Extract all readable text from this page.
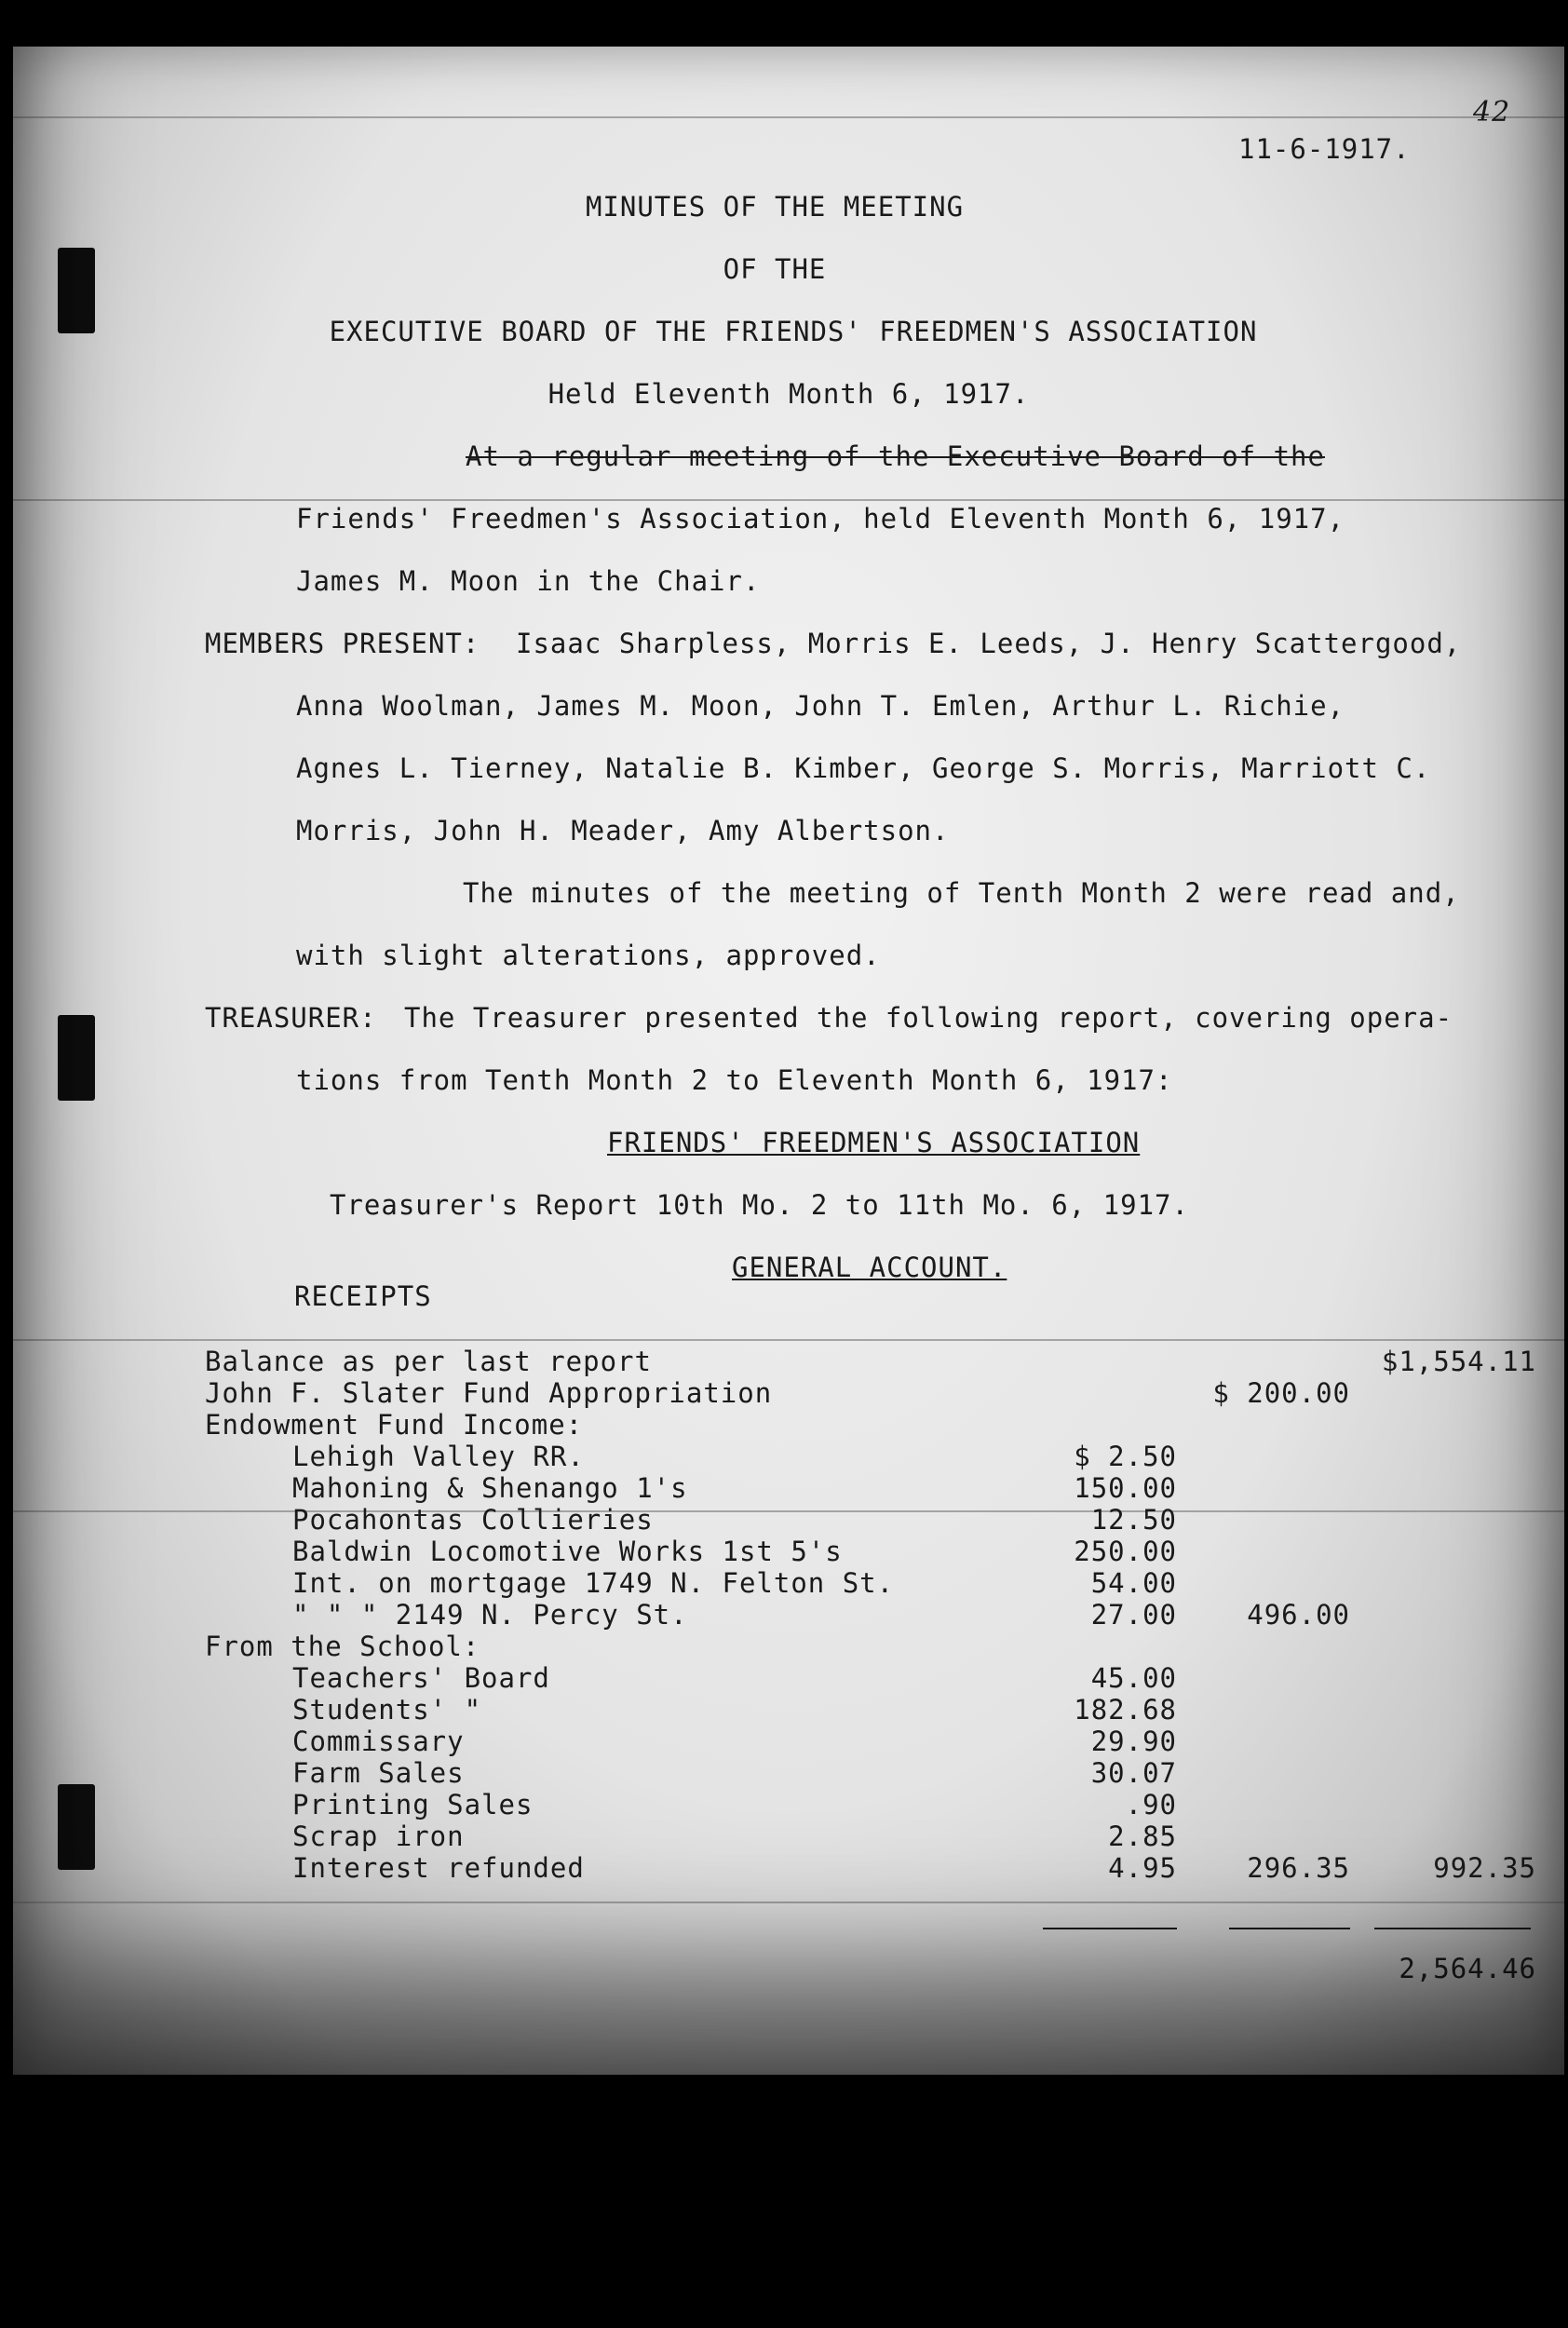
42
11-6-1917.
MINUTES OF THE MEETING
OF THE
EXECUTIVE BOARD OF THE FRIENDS' FREEDMEN'S ASSOCIATION
Held Eleventh Month 6, 1917.
At a regular meeting of the Executive Board of the
Friends' Freedmen's Association, held Eleventh Month 6, 1917,
James M. Moon in the Chair.
MEMBERS PRESENT: Isaac Sharpless, Morris E. Leeds, J. Henry Scattergood,
Anna Woolman, James M. Moon, John T. Emlen, Arthur L. Richie,
Agnes L. Tierney, Natalie B. Kimber, George S. Morris, Marriott C.
Morris, John H. Meader, Amy Albertson.
The minutes of the meeting of Tenth Month 2 were read and,
with slight alterations, approved.
TREASURER: The Treasurer presented the following report, covering opera-
tions from Tenth Month 2 to Eleventh Month 6, 1917:
FRIENDS' FREEDMEN'S ASSOCIATION
Treasurer's Report 10th Mo. 2 to 11th Mo. 6, 1917.
GENERAL ACCOUNT.
RECEIPTS
Balance as per last report	$1,554.11
John F. Slater Fund Appropriation	$ 200.00
Endowment Fund Income:
Lehigh Valley RR.	$ 2.50
Mahoning & Shenango 1's	150.00
Pocahontas Collieries	12.50
Baldwin Locomotive Works 1st 5's	250.00
Int. on mortgage 1749 N. Felton St.	54.00
" " " 2149 N. Percy St.	27.00	496.00
From the School:
Teachers' Board	45.00
Students' "	182.68
Commissary	29.90
Farm Sales	30.07
Printing Sales	.90
Scrap iron	2.85
Interest refunded	4.95	296.35	992.35
2,564.46
